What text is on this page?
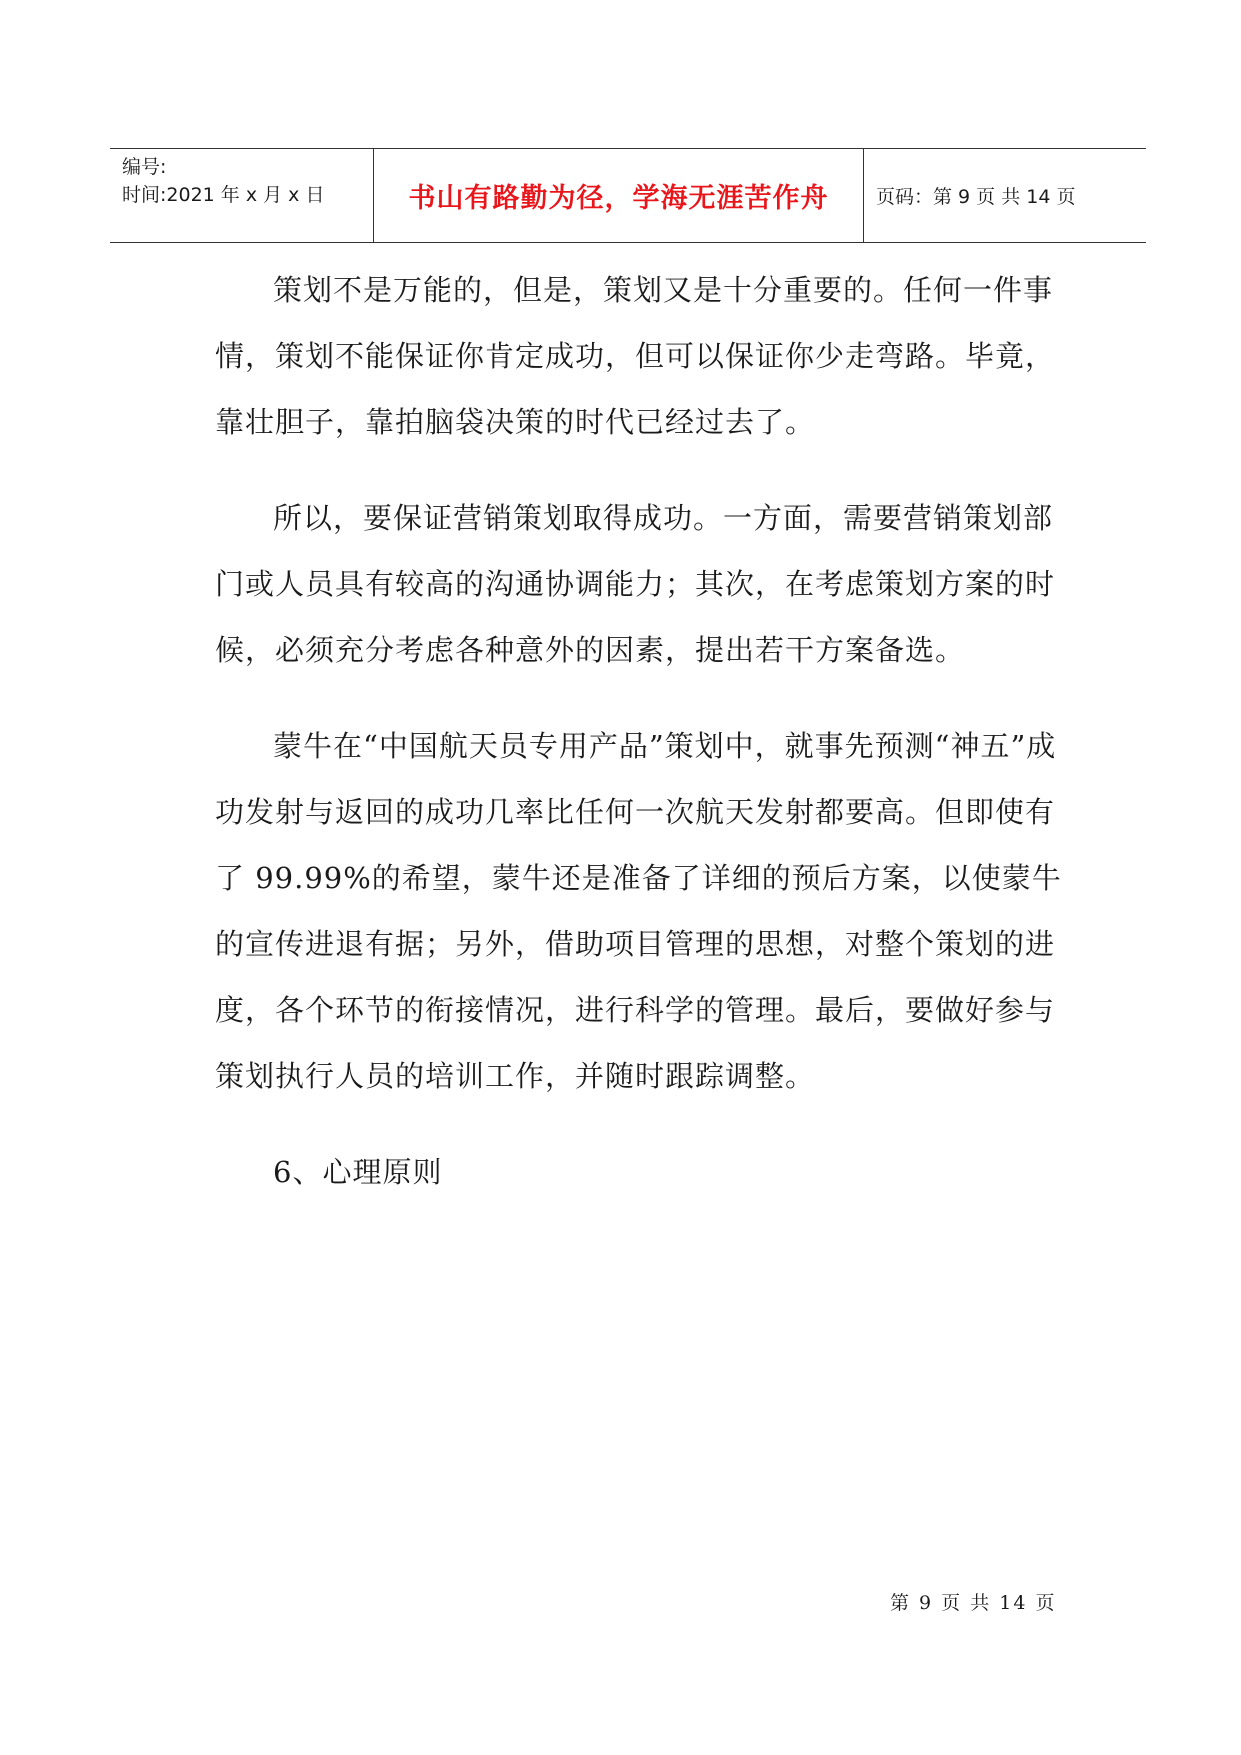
编号:
时间:2021 年 x 月 x 日	书山有路勤为径，学海无涯苦作舟	页码：第 9 页 共 14 页

策划不是万能的，但是，策划又是十分重要的。任何一件事情，策划不能保证你肯定成功，但可以保证你少走弯路。毕竟，靠壮胆子，靠拍脑袋决策的时代已经过去了。

所以，要保证营销策划取得成功。一方面，需要营销策划部门或人员具有较高的沟通协调能力；其次，在考虑策划方案的时候，必须充分考虑各种意外的因素，提出若干方案备选。

蒙牛在“中国航天员专用产品”策划中，就事先预测“神五”成功发射与返回的成功几率比任何一次航天发射都要高。但即使有了 99.99%的希望，蒙牛还是准备了详细的预后方案，以使蒙牛的宣传进退有据；另外，借助项目管理的思想，对整个策划的进度，各个环节的衔接情况，进行科学的管理。最后，要做好参与策划执行人员的培训工作，并随时跟踪调整。

6、心理原则

第 9 页 共 14 页
